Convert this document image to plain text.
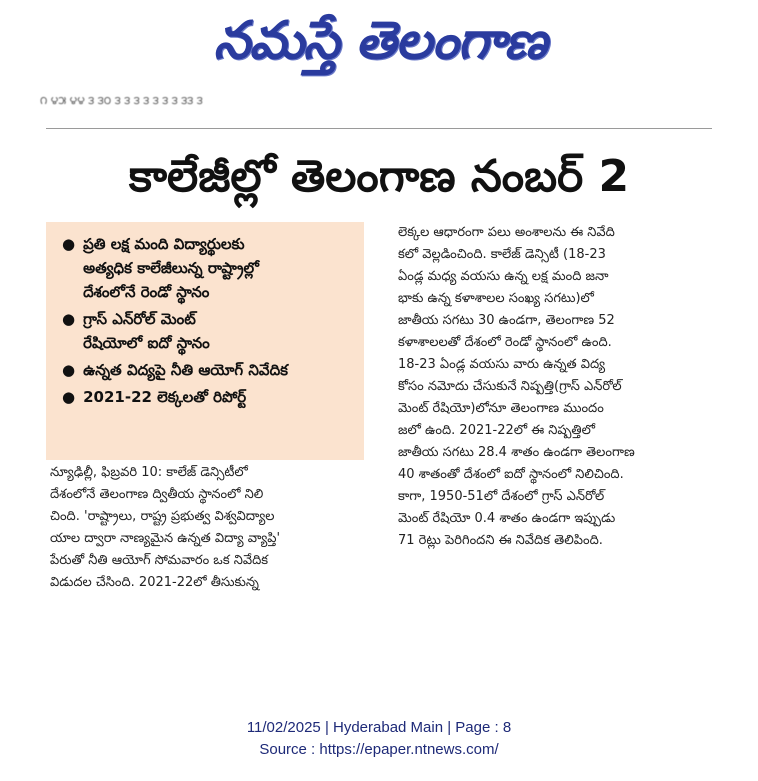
నమస్తే తెలంగాణ
౧ ౪౫ ౪౪ ౩ ౩౦ ౩ ౩ ౩ ౩ ౩ ౩ ౩ ౩౩ ౩
కాలేజీల్లో తెలంగాణ నంబర్ 2
● ప్రతి లక్ష మంది విద్యార్థులకు
అత్యధిక కాలేజీలున్న రాష్ట్రాల్లో
దేశంలోనే రెండో స్థానం
● గ్రాస్ ఎన్‌రోల్ మెంట్
రేషియోలో ఐదో స్థానం
● ఉన్నత విద్యపై నీతి ఆయోగ్ నివేదిక
● 2021-22 లెక్కలతో రిపోర్ట్
న్యూఢిల్లీ, ఫిబ్రవరి 10: కాలేజ్ డెన్సిటీలో
దేశంలోనే తెలంగాణ ద్వితీయ స్థానంలో నిలి
చింది. 'రాష్ట్రాలు, రాష్ట్ర ప్రభుత్వ విశ్వవిద్యాల
యాల ద్వారా నాణ్యమైన ఉన్నత విద్యా వ్యాప్తి'
పేరుతో నీతి ఆయోగ్ సోమవారం ఒక నివేదిక
విడుదల చేసింది. 2021-22లో తీసుకున్న
లెక్కల ఆధారంగా పలు అంశాలను ఈ నివేది
కలో వెల్లడించింది. కాలేజ్ డెన్సిటీ (18-23
ఏండ్ల మధ్య వయసు ఉన్న లక్ష మంది జనా
భాకు ఉన్న కళాశాలల సంఖ్య సగటు)లో
జాతీయ సగటు 30 ఉండగా, తెలంగాణ 52
కళాశాలలతో దేశంలో రెండో స్థానంలో ఉంది.
18-23 ఏండ్ల వయసు వారు ఉన్నత విద్య
కోసం నమోదు చేసుకునే నిష్పత్తి(గ్రాస్ ఎన్‌రోల్
మెంట్ రేషియో)లోనూ తెలంగాణ ముందం
జలో ఉంది. 2021-22లో ఈ నిష్పత్తిలో
జాతీయ సగటు 28.4 శాతం ఉండగా తెలంగాణ
40 శాతంతో దేశంలో ఐదో స్థానంలో నిలిచింది.
కాగా, 1950-51లో దేశంలో గ్రాస్ ఎన్‌రోల్
మెంట్ రేషియో 0.4 శాతం ఉండగా ఇప్పుడు
71 రెట్లు పెరిగిందని ఈ నివేదిక తెలిపింది.
11/02/2025 | Hyderabad Main | Page : 8
Source : https://epaper.ntnews.com/
